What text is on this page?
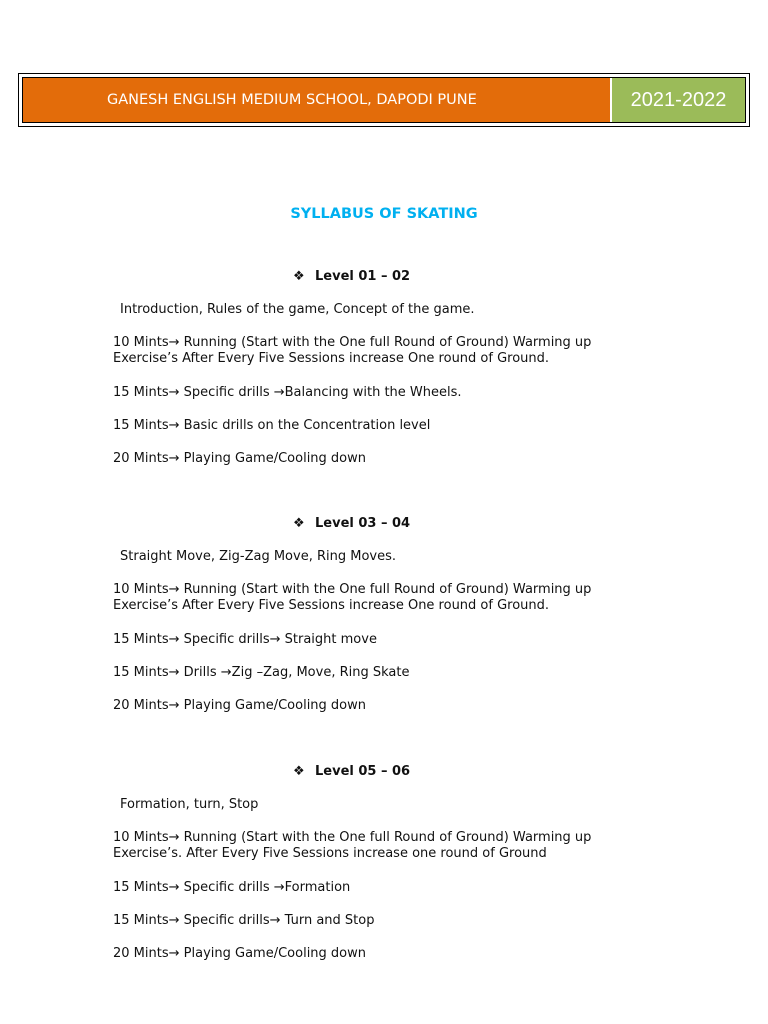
GANESH ENGLISH MEDIUM SCHOOL, DAPODI PUNE	2021-2022
SYLLABUS OF SKATING
❖ Level 01 – 02
Introduction, Rules of the game, Concept of the game.
10 Mints→ Running (Start with the One full Round of Ground) Warming up
Exercise’s After Every Five Sessions increase One round of Ground.
15 Mints→ Specific drills →Balancing with the Wheels.
15 Mints→ Basic drills on the Concentration level
20 Mints→ Playing Game/Cooling down
❖ Level 03 – 04
Straight Move, Zig-Zag Move, Ring Moves.
10 Mints→ Running (Start with the One full Round of Ground) Warming up
Exercise’s After Every Five Sessions increase One round of Ground.
15 Mints→ Specific drills→ Straight move
15 Mints→ Drills →Zig –Zag, Move, Ring Skate
20 Mints→ Playing Game/Cooling down
❖ Level 05 – 06
Formation, turn, Stop
10 Mints→ Running (Start with the One full Round of Ground) Warming up
Exercise’s. After Every Five Sessions increase one round of Ground
15 Mints→ Specific drills →Formation
15 Mints→ Specific drills→ Turn and Stop
20 Mints→ Playing Game/Cooling down
